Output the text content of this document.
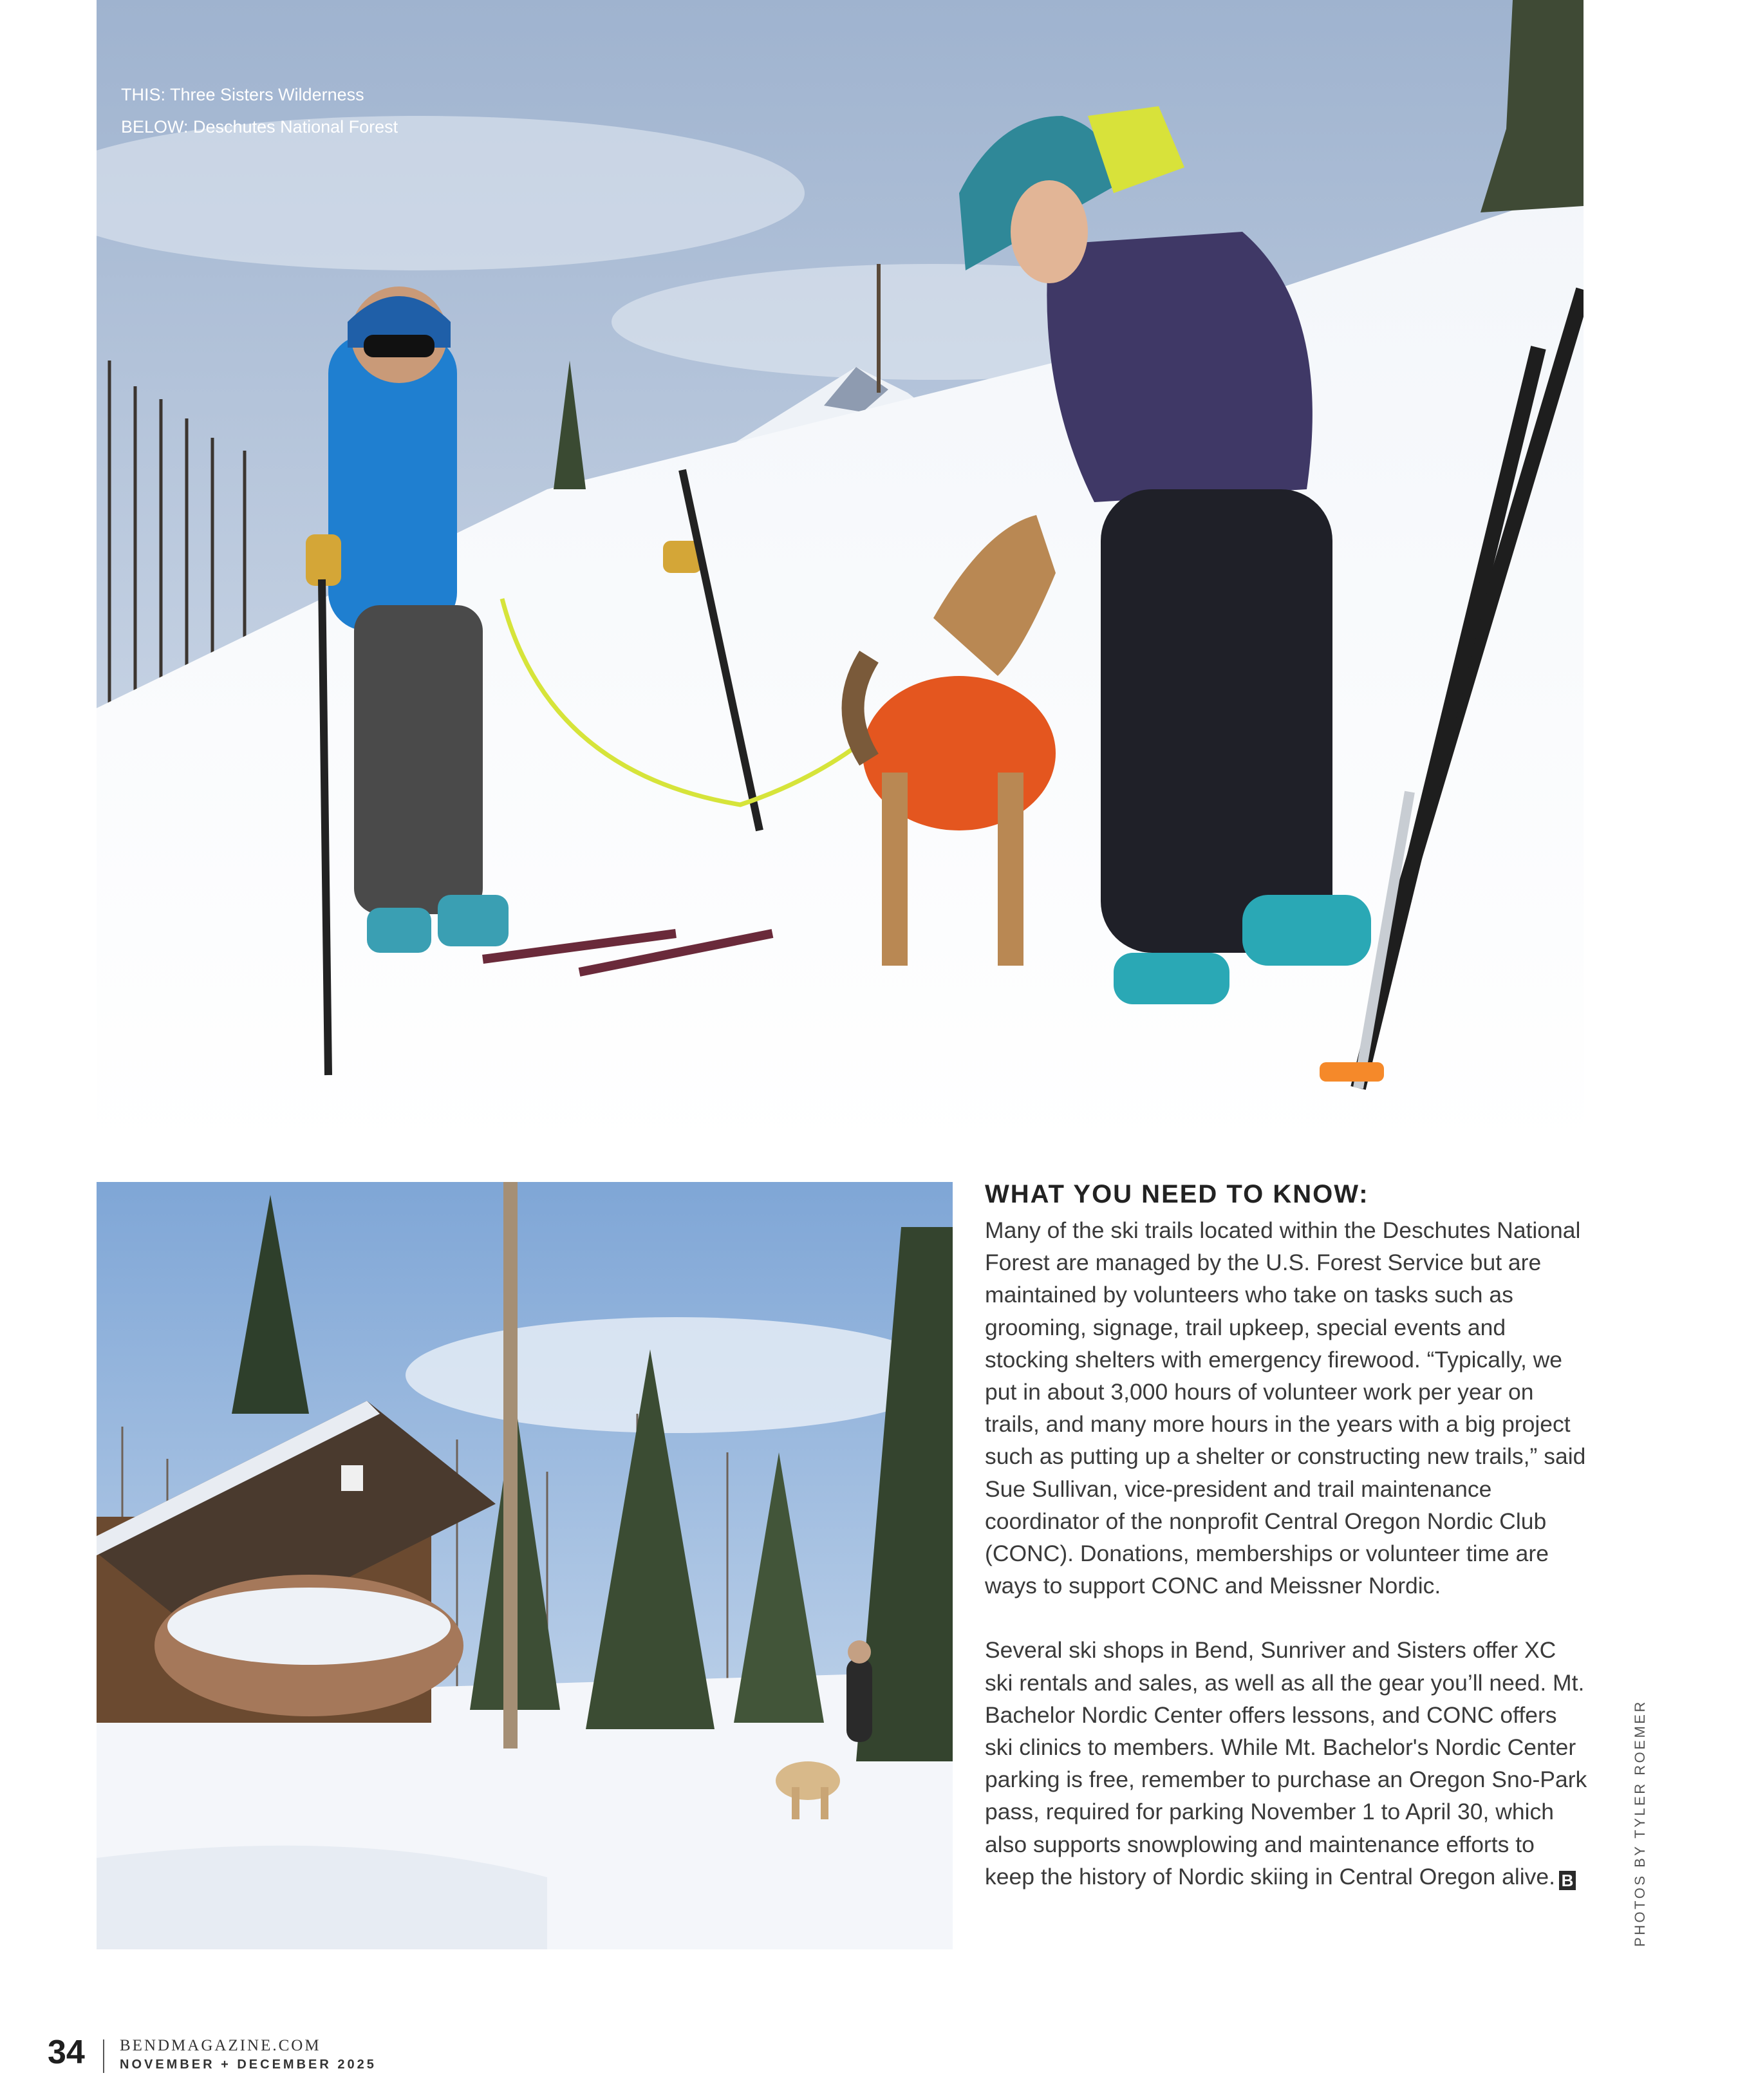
THIS: Three Sisters Wilderness
BELOW: Deschutes National Forest
WHAT YOU NEED TO KNOW:

Many of the ski trails located within the Deschutes National Forest are managed by the U.S. Forest Service but are maintained by volunteers who take on tasks such as grooming, signage, trail upkeep, special events and stocking shelters with emergency firewood. “Typically, we put in about 3,000 hours of volunteer work per year on trails, and many more hours in the years with a big project such as putting up a shelter or constructing new trails,” said Sue Sullivan, vice-president and trail maintenance coordinator of the nonprofit Central Oregon Nordic Club (CONC). Donations, memberships or volunteer time are ways to support CONC and Meissner Nordic.

Several ski shops in Bend, Sunriver and Sisters offer XC ski rentals and sales, as well as all the gear you’ll need. Mt. Bachelor Nordic Center offers lessons, and CONC offers ski clinics to members. While Mt. Bachelor's Nordic Center parking is free, remember to purchase an Oregon Sno-Park pass, required for parking November 1 to April 30, which also supports snowplowing and maintenance efforts to keep the history of Nordic skiing in Central Oregon alive. B	PHOTOS BY TYLER ROEMER
34 BENDMAGAZINE.COM
NOVEMBER + DECEMBER 2025
